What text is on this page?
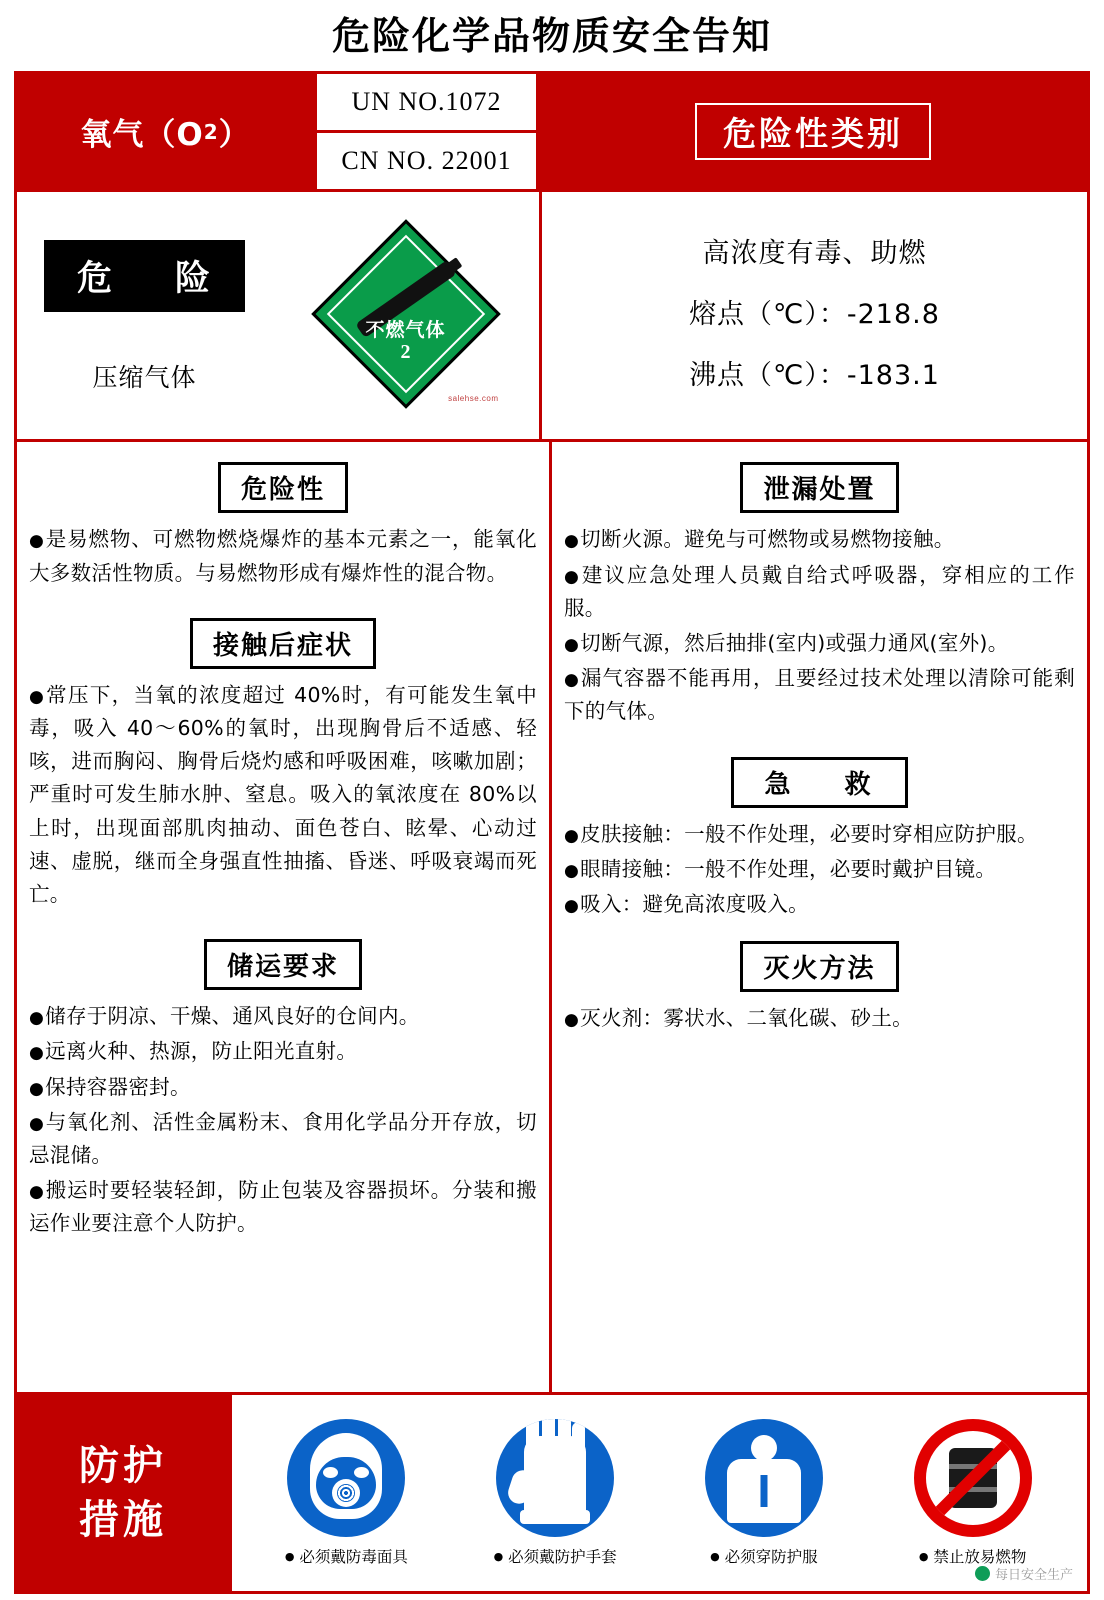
危险化学品物质安全告知
氧气（O 2 ）
UN NO.1072
CN NO. 22001
危险性类别
危　险
压缩气体
不燃气体
2
salehse.com
高浓度有毒、助燃
熔点（℃）：-218.8
沸点（℃）：-183.1
危险性

● 是易燃物、可燃物燃烧爆炸的基本元素之一，能氧化大多数活性物质。与易燃物形成有爆炸性的混合物。

接触后症状

● 常压下，当氧的浓度超过 40%时，有可能发生氧中毒，吸入 40～60%的氧时，出现胸骨后不适感、轻咳，进而胸闷、胸骨后烧灼感和呼吸困难，咳嗽加剧；严重时可发生肺水肿、窒息。吸入的氧浓度在 80%以上时，出现面部肌肉抽动、面色苍白、眩晕、心动过速、虚脱，继而全身强直性抽搐、昏迷、呼吸衰竭而死亡。

储运要求

● 储存于阴凉、干燥、通风良好的仓间内。

● 远离火种、热源，防止阳光直射。

● 保持容器密封。

● 与氧化剂、活性金属粉末、食用化学品分开存放，切忌混储。

● 搬运时要轻装轻卸，防止包装及容器损坏。分装和搬运作业要注意个人防护。

泄漏处置

● 切断火源。避免与可燃物或易燃物接触。

● 建议应急处理人员戴自给式呼吸器，穿相应的工作服。

● 切断气源，然后抽排(室内)或强力通风(室外)。

● 漏气容器不能再用，且要经过技术处理以清除可能剩下的气体。

急　救

● 皮肤接触：一般不作处理，必要时穿相应防护服。

● 眼睛接触：一般不作处理，必要时戴护目镜。

● 吸入：避免高浓度吸入。

灭火方法

● 灭火剂：雾状水、二氧化碳、砂土。

防护
措施
● 必须戴防毒面具	● 必须戴防护手套	● 必须穿防护服	● 禁止放易燃物
每日安全生产
